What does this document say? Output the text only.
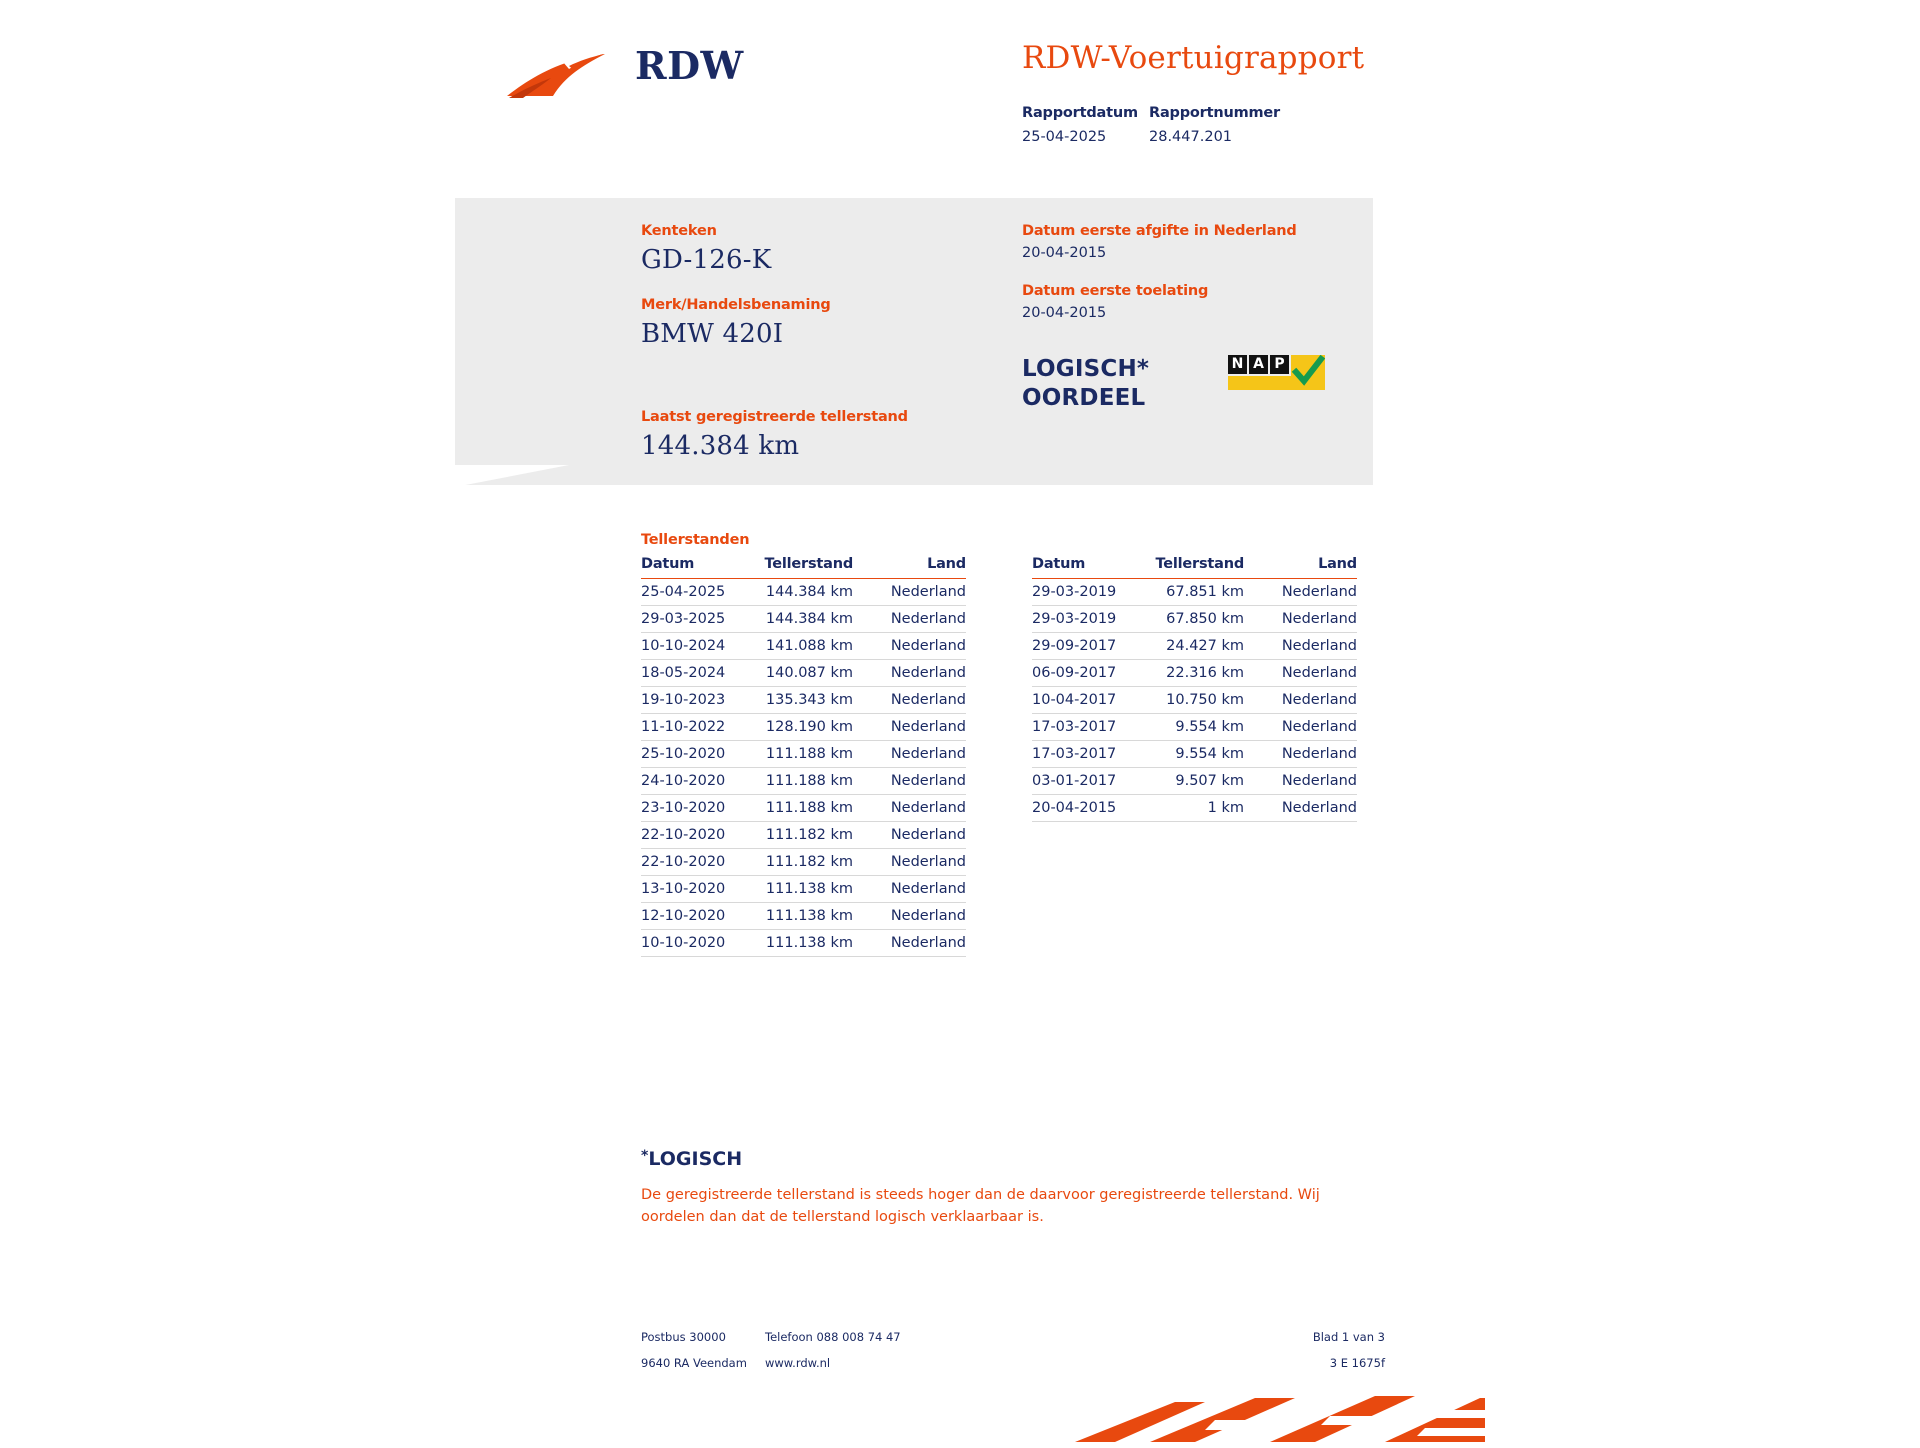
RDW	RDW-Voertuigrapport
Rapportdatum Rapportnummer
25-04-2025	28.447.201
Kenteken
GD-126-K
Merk/Handelsbenaming
BMW 420I
Laatst geregistreerde tellerstand
144.384 km
Datum eerste afgifte in Nederland
20-04-2015
Datum eerste toelating
20-04-2015
LOGISCH*
OORDEEL
N A P
Tellerstanden
Datum	Tellerstand	Land
25-04-2025	144.384 km	Nederland
29-03-2025	144.384 km	Nederland
10-10-2024	141.088 km	Nederland
18-05-2024	140.087 km	Nederland
19-10-2023	135.343 km	Nederland
11-10-2022	128.190 km	Nederland
25-10-2020	111.188 km	Nederland
24-10-2020	111.188 km	Nederland
23-10-2020	111.188 km	Nederland
22-10-2020	111.182 km	Nederland
22-10-2020	111.182 km	Nederland
13-10-2020	111.138 km	Nederland
12-10-2020	111.138 km	Nederland
10-10-2020	111.138 km	Nederland
Datum	Tellerstand	Land
29-03-2019	67.851 km	Nederland
29-03-2019	67.850 km	Nederland
29-09-2017	24.427 km	Nederland
06-09-2017	22.316 km	Nederland
10-04-2017	10.750 km	Nederland
17-03-2017	9.554 km	Nederland
17-03-2017	9.554 km	Nederland
03-01-2017	9.507 km	Nederland
20-04-2015	1 km	Nederland
*LOGISCH
De geregistreerde tellerstand is steeds hoger dan de daarvoor geregistreerde tellerstand. Wij oordelen dan dat de tellerstand logisch verklaarbaar is.
Postbus 30000	Telefoon 088 008 74 47	Blad 1 van 3
9640 RA Veendam	www.rdw.nl	3 E 1675f
